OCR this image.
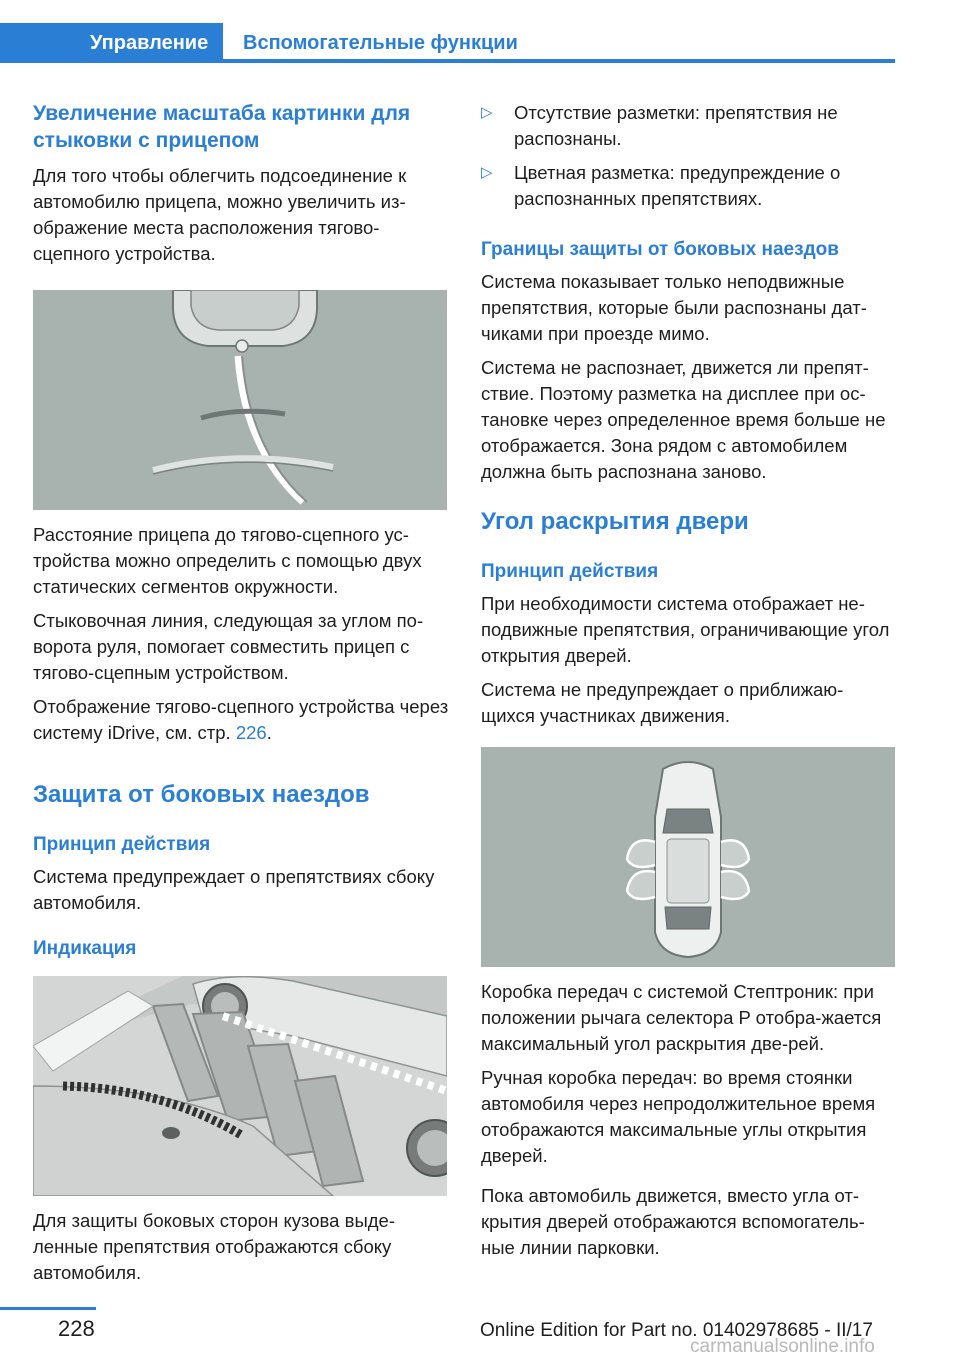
Управление	Вспомогательные функции
Увеличение масштаба картинки для стыковки с прицепом

Для того чтобы облегчить подсоединение к автомобилю прицепа, можно увеличить из-ображение места расположения тягово-сцепного устройства.

Расстояние прицепа до тягово-сцепного ус-тройства можно определить с помощью двух статических сегментов окружности.

Стыковочная линия, следующая за углом по-ворота руля, помогает совместить прицеп с тягово-сцепным устройством.

Отображение тягово-сцепного устройства через систему iDrive, см. стр. 226.

Защита от боковых наездов
Принцип действия

Система предупреждает о препятствиях сбоку автомобиля.

Индикация

Для защиты боковых сторон кузова выде-ленные препятствия отображаются сбоку автомобиля.

▷ Отсутствие разметки: препятствия не распознаны.
▷ Цветная разметка: предупреждение о распознанных препятствиях.
Границы защиты от боковых наездов

Система показывает только неподвижные препятствия, которые были распознаны дат-чиками при проезде мимо.

Система не распознает, движется ли препят-ствие. Поэтому разметка на дисплее при ос-тановке через определенное время больше не отображается. Зона рядом с автомобилем должна быть распознана заново.

Угол раскрытия двери
Принцип действия

При необходимости система отображает не-подвижные препятствия, ограничивающие угол открытия дверей.

Система не предупреждает о приближаю-щихся участниках движения.

Коробка передач с системой Стептроник: при положении рычага селектора P отобра-жается максимальный угол раскрытия две-рей.

Ручная коробка передач: во время стоянки автомобиля через непродолжительное время отображаются максимальные углы открытия дверей.

Пока автомобиль движется, вместо угла от-крытия дверей отображаются вспомогатель-ные линии парковки.

228	Online Edition for Part no. 01402978685 - II/17
carmanualsonline.info
